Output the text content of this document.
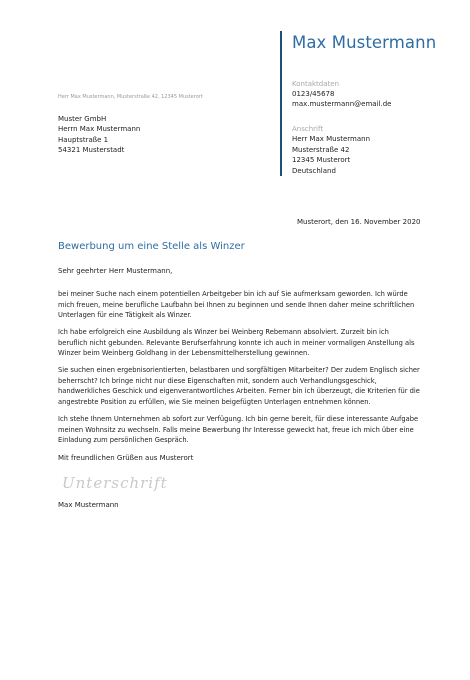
Max Mustermann
Kontaktdaten
0123/45678
max.mustermann@email.de
Anschrift
Herr Max Mustermann
Musterstraße 42
12345 Musterort
Deutschland
Herr Max Mustermann, Musterstraße 42, 12345 Musterort
Muster GmbH
Herrn Max Mustermann
Hauptstraße 1
54321 Musterstadt
Musterort, den 16. November 2020
Bewerbung um eine Stelle als Winzer
Sehr geehrter Herr Mustermann,
bei meiner Suche nach einem potentiellen Arbeitgeber bin ich auf Sie aufmerksam geworden. Ich würde mich freuen, meine berufliche Laufbahn bei Ihnen zu beginnen und sende Ihnen daher meine schriftlichen Unterlagen für eine Tätigkeit als Winzer.
Ich habe erfolgreich eine Ausbildung als Winzer bei Weinberg Rebemann absolviert. Zurzeit bin ich beruflich nicht gebunden. Relevante Berufserfahrung konnte ich auch in meiner vormaligen Anstellung als Winzer beim Weinberg Goldhang in der Lebensmittelherstellung gewinnen.
Sie suchen einen ergebnisorientierten, belastbaren und sorgfältigen Mitarbeiter? Der zudem Englisch sicher beherrscht? Ich bringe nicht nur diese Eigenschaften mit, sondern auch Verhandlungsgeschick, handwerkliches Geschick und eigenverantwortliches Arbeiten. Ferner bin ich überzeugt, die Kriterien für die angestrebte Position zu erfüllen, wie Sie meinen beigefügten Unterlagen entnehmen können.
Ich stehe Ihnem Unternehmen ab sofort zur Verfügung. Ich bin gerne bereit, für diese interessante Aufgabe meinen Wohnsitz zu wechseln. Falls meine Bewerbung Ihr Interesse geweckt hat, freue ich mich über eine Einladung zum persönlichen Gespräch.
Mit freundlichen Grüßen aus Musterort
Unterschrift
Max Mustermann
